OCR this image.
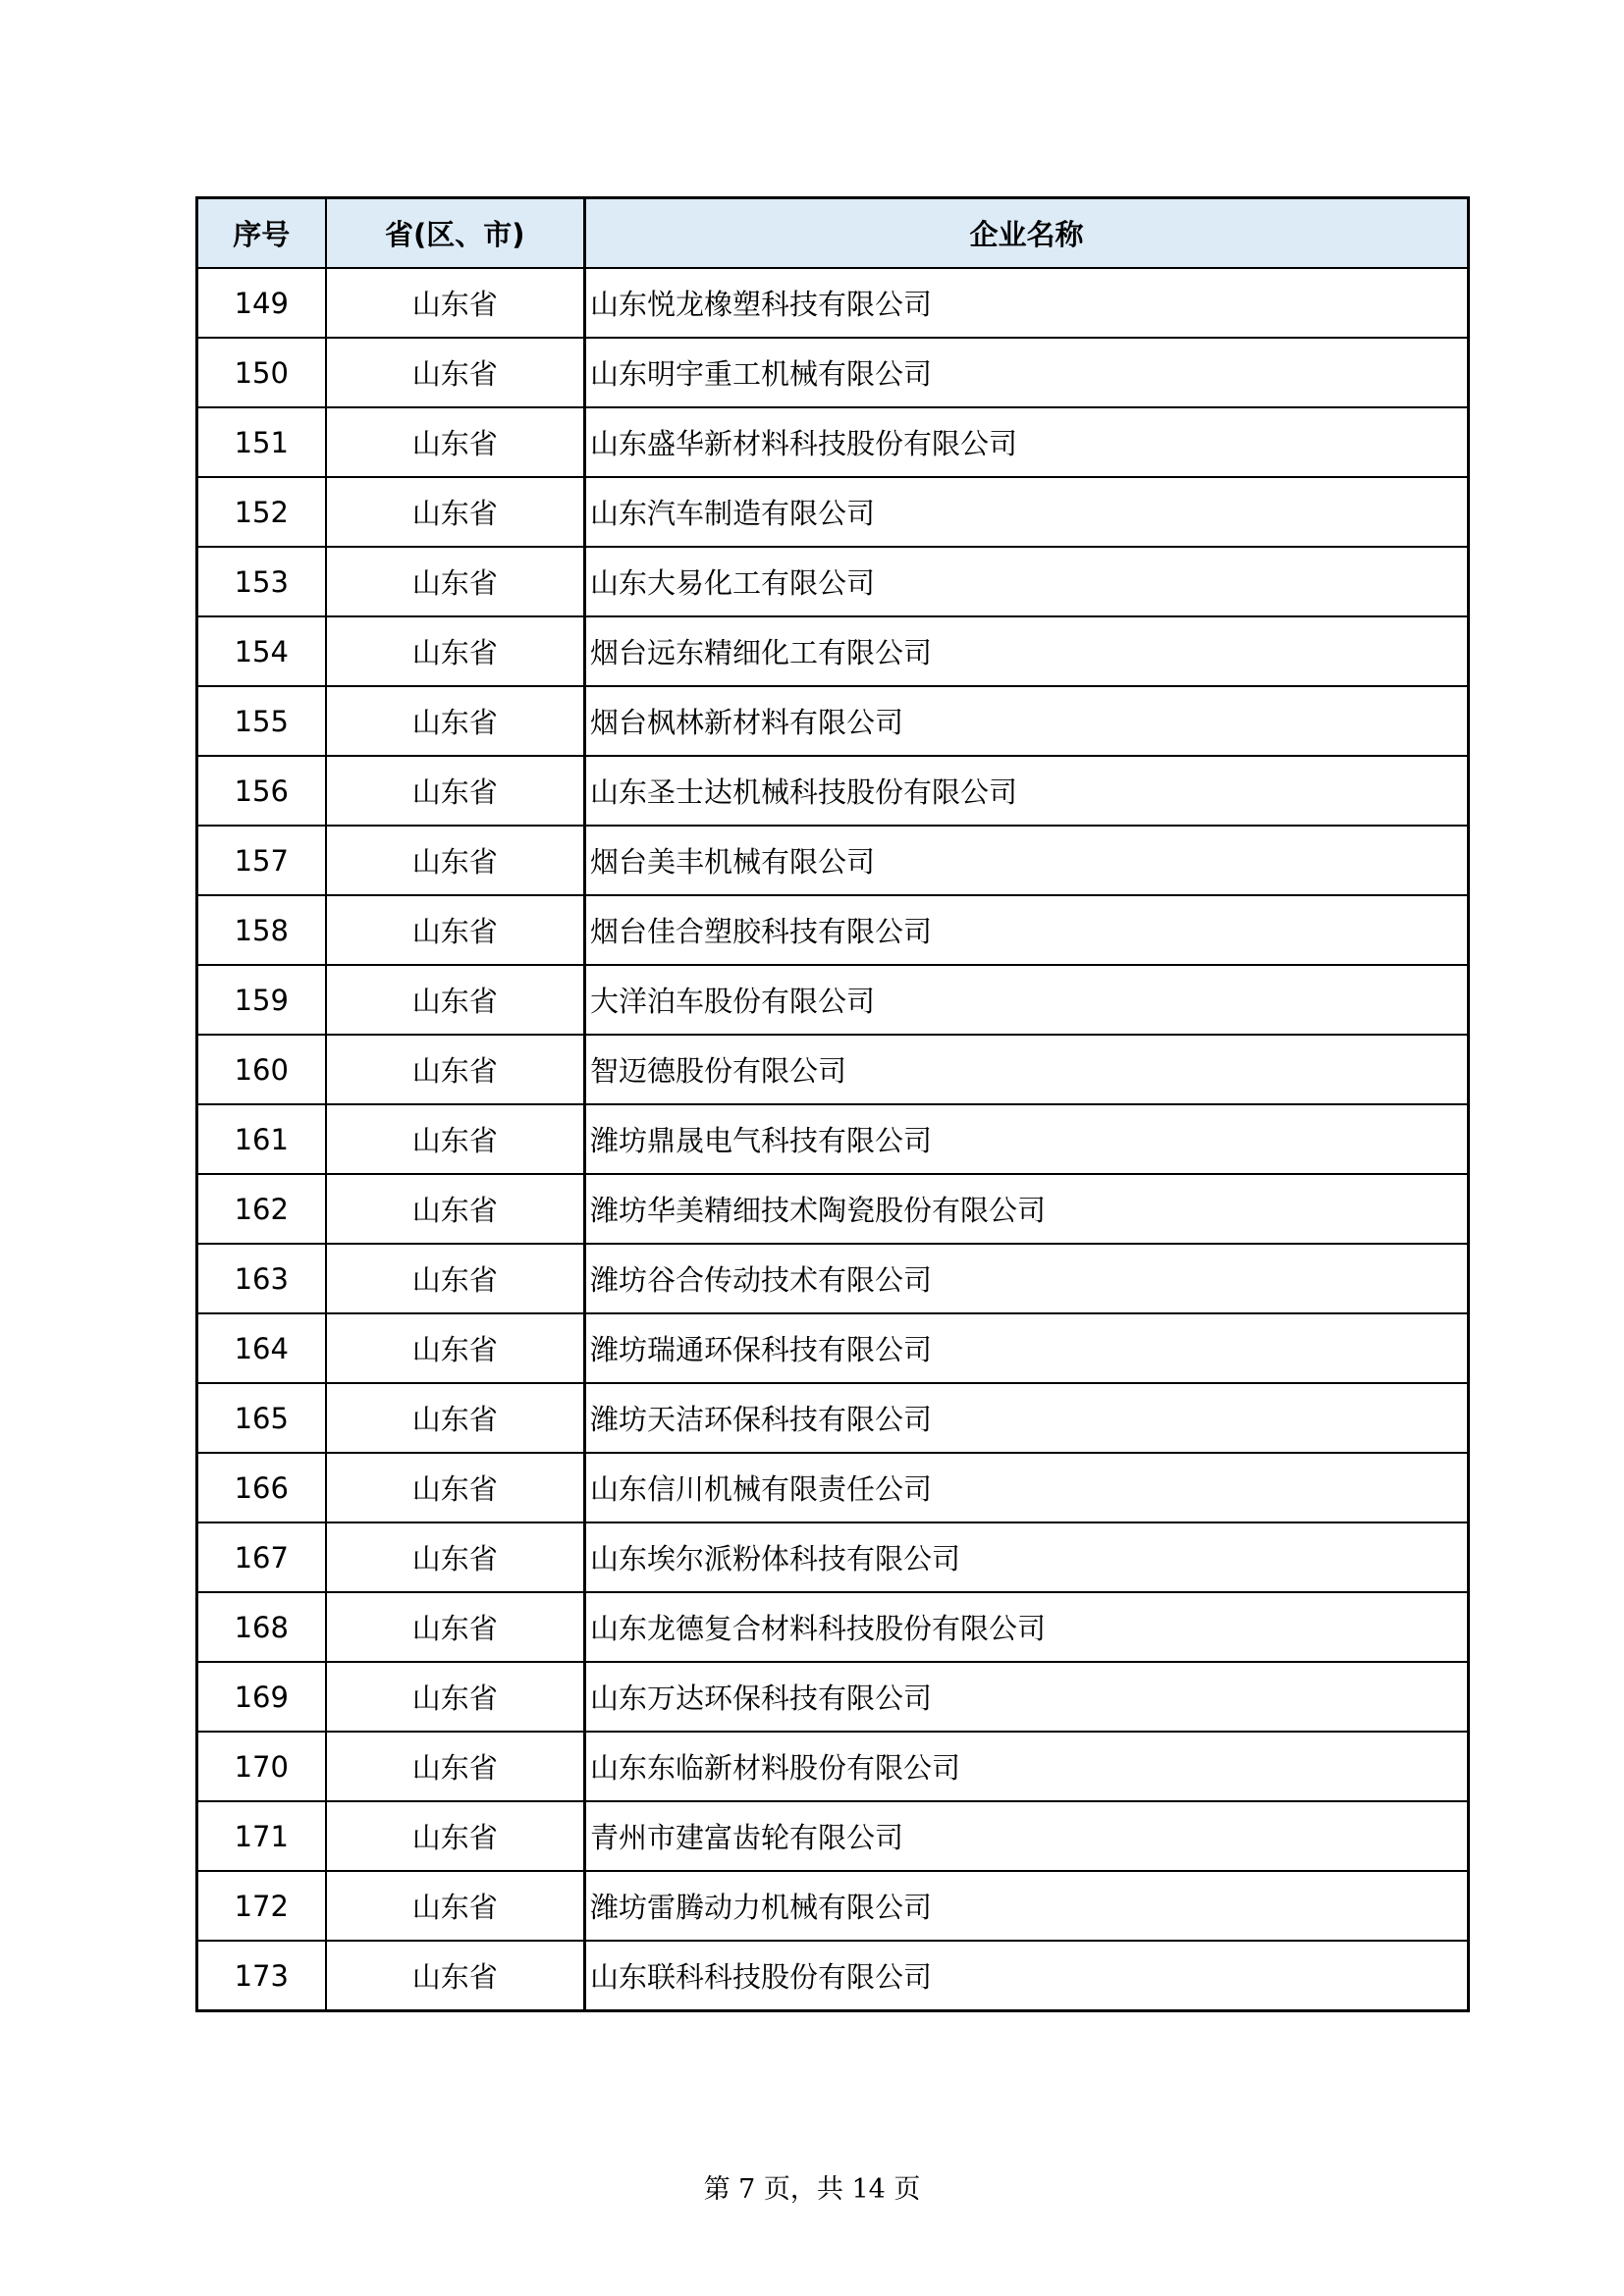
序号	省(区、市)	企业名称
149	山东省	山东悦龙橡塑科技有限公司
150	山东省	山东明宇重工机械有限公司
151	山东省	山东盛华新材料科技股份有限公司
152	山东省	山东汽车制造有限公司
153	山东省	山东大易化工有限公司
154	山东省	烟台远东精细化工有限公司
155	山东省	烟台枫林新材料有限公司
156	山东省	山东圣士达机械科技股份有限公司
157	山东省	烟台美丰机械有限公司
158	山东省	烟台佳合塑胶科技有限公司
159	山东省	大洋泊车股份有限公司
160	山东省	智迈德股份有限公司
161	山东省	潍坊鼎晟电气科技有限公司
162	山东省	潍坊华美精细技术陶瓷股份有限公司
163	山东省	潍坊谷合传动技术有限公司
164	山东省	潍坊瑞通环保科技有限公司
165	山东省	潍坊天洁环保科技有限公司
166	山东省	山东信川机械有限责任公司
167	山东省	山东埃尔派粉体科技有限公司
168	山东省	山东龙德复合材料科技股份有限公司
169	山东省	山东万达环保科技有限公司
170	山东省	山东东临新材料股份有限公司
171	山东省	青州市建富齿轮有限公司
172	山东省	潍坊雷腾动力机械有限公司
173	山东省	山东联科科技股份有限公司
第 7 页，共 14 页
